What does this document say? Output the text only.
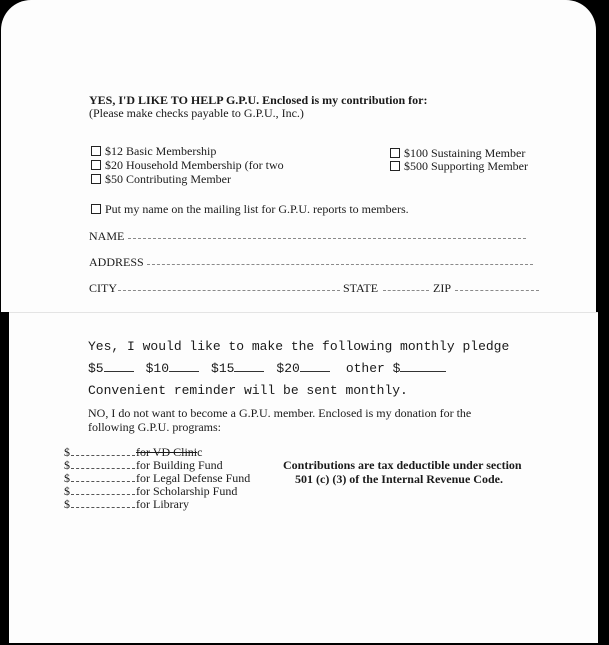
YES, I'D LIKE TO HELP G.P.U. Enclosed is my contribution for:
(Please make checks payable to G.P.U., Inc.)
$12 Basic Membership
$20 Household Membership (for two
$50 Contributing Member
$100 Sustaining Member
$500 Supporting Member
Put my name on the mailing list for G.P.U. reports to members.
NAME
ADDRESS
CITY	STATE	ZIP
Yes, I would like to make the following monthly pledge
$5	$10	$15	$20	other $
Convenient reminder will be sent monthly.
NO, I do not want to become a G.P.U. member. Enclosed is my donation for the
following G.P.U. programs:
$	for VD Clinic
$	for Building Fund
$	for Legal Defense Fund
$	for Scholarship Fund
$	for Library
Contributions are tax deductible under section
501 (c) (3) of the Internal Revenue Code.
